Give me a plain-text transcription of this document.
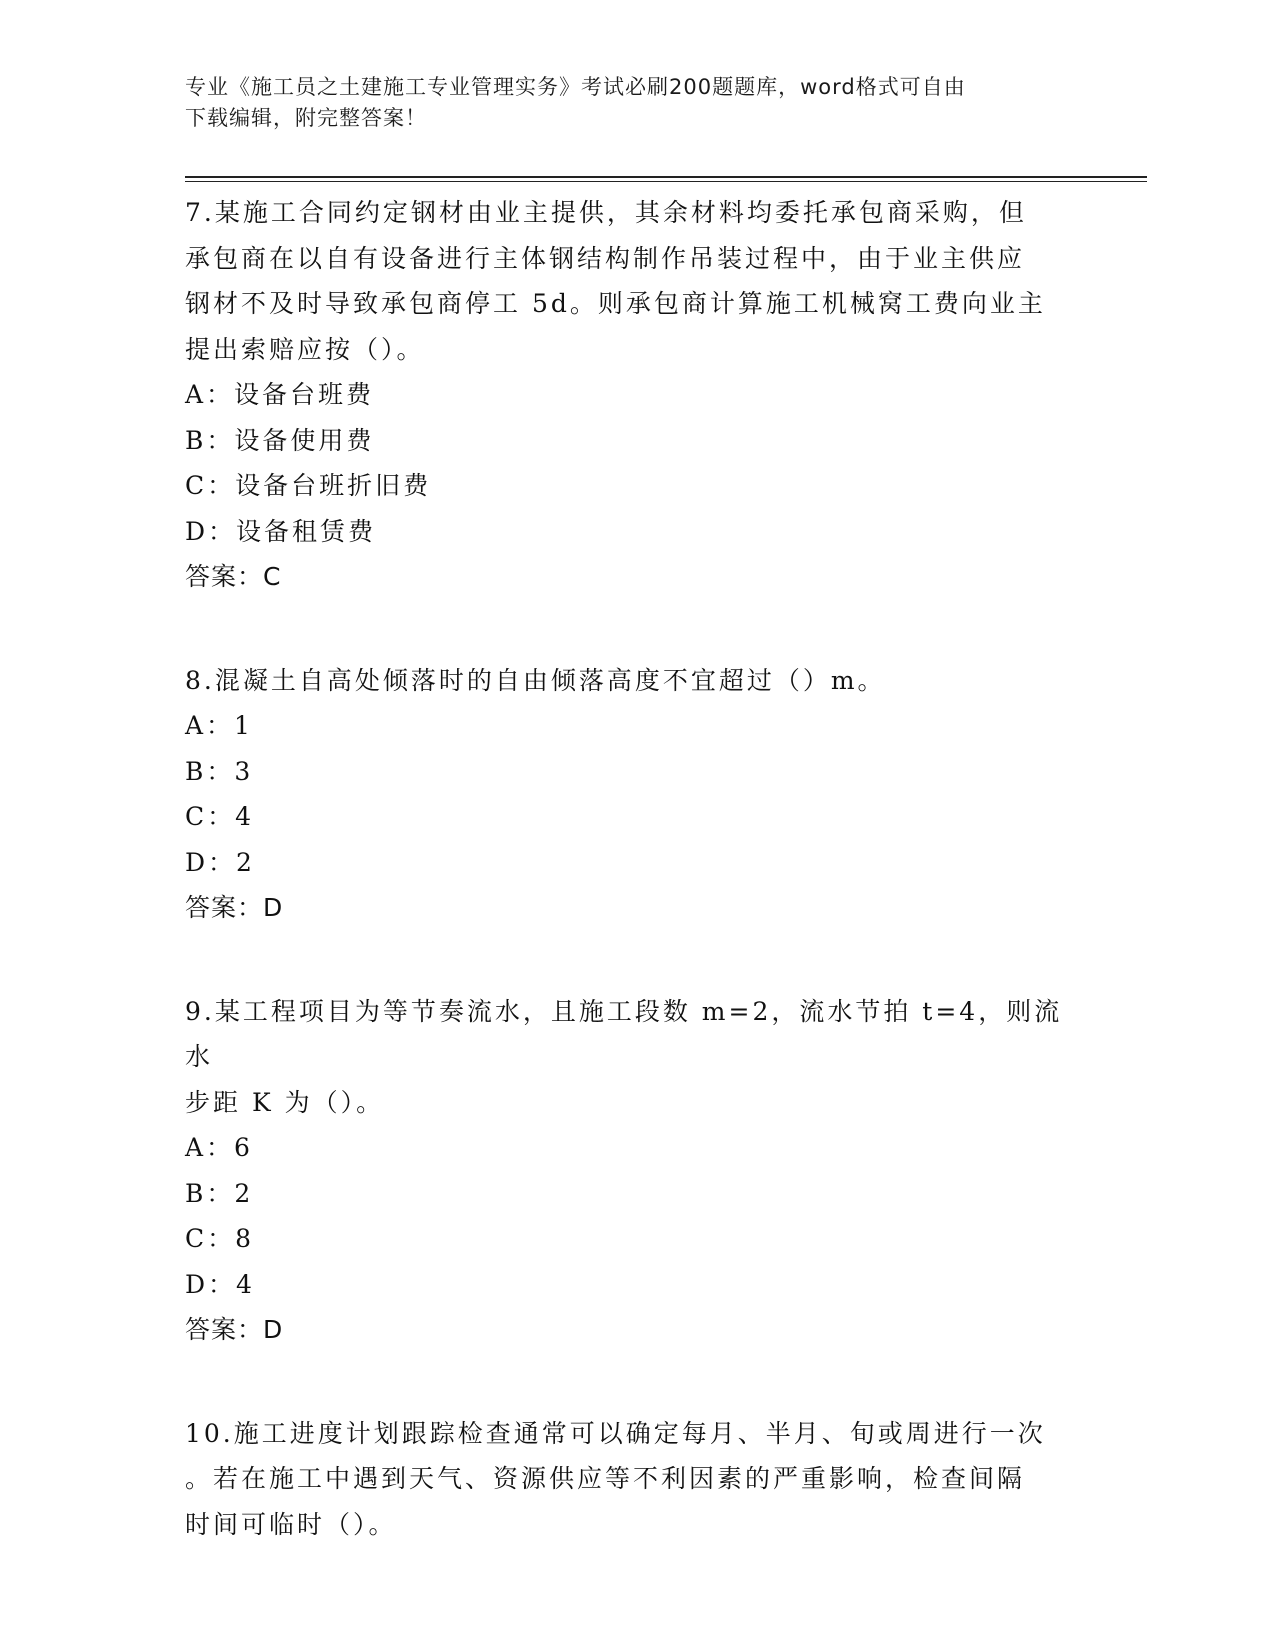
专业《施工员之土建施工专业管理实务》考试必刷200题题库，word格式可自由
下载编辑，附完整答案！

7.某施工合同约定钢材由业主提供，其余材料均委托承包商采购，但

承包商在以自有设备进行主体钢结构制作吊装过程中，由于业主供应

钢材不及时导致承包商停工 5d。则承包商计算施工机械窝工费向业主

提出索赔应按（）。

A：设备台班费

B：设备使用费

C：设备台班折旧费

D：设备租赁费

答案：C

8.混凝土自高处倾落时的自由倾落高度不宜超过（）m。

A：1

B：3

C：4

D：2

答案：D

9.某工程项目为等节奏流水，且施工段数 m=2，流水节拍 t=4，则流水

步距 K 为（）。

A：6

B：2

C：8

D：4

答案：D

10.施工进度计划跟踪检查通常可以确定每月、半月、旬或周进行一次

。若在施工中遇到天气、资源供应等不利因素的严重影响，检查间隔

时间可临时（）。
